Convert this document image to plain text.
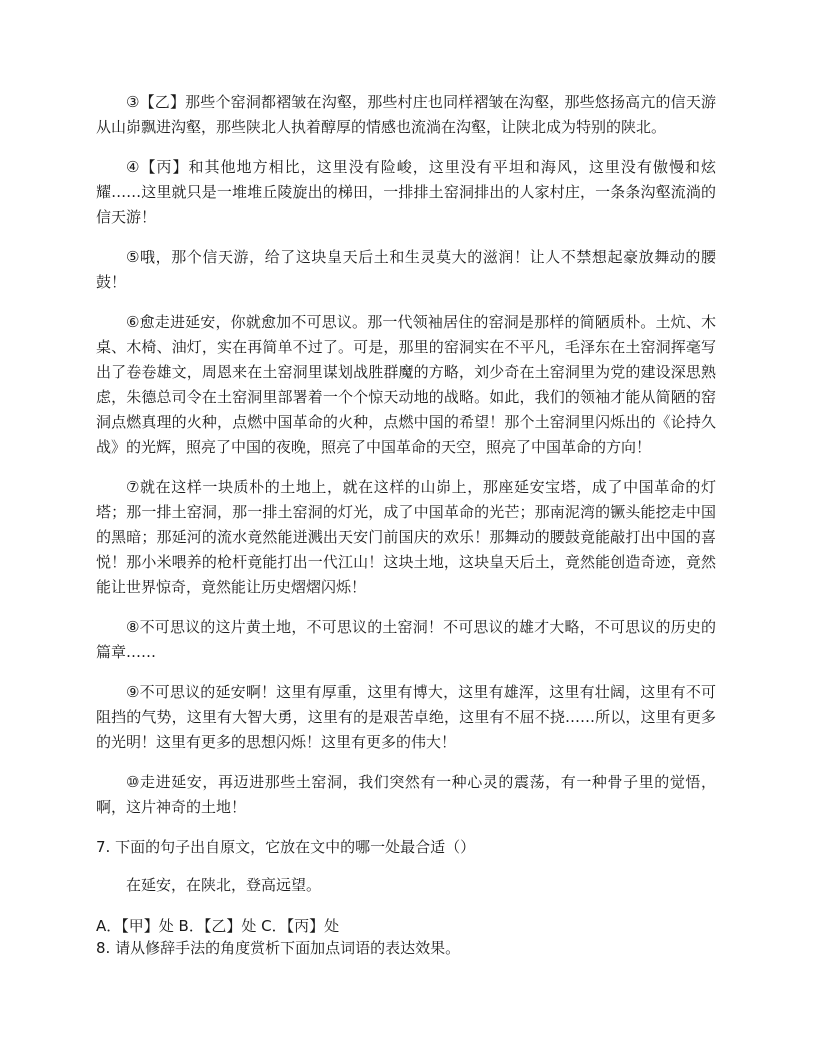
③【乙】那些个窑洞都褶皱在沟壑，那些村庄也同样褶皱在沟壑，那些悠扬高亢的信天游从山峁飘进沟壑，那些陕北人执着醇厚的情感也流淌在沟壑，让陕北成为特别的陕北。

④【丙】和其他地方相比，这里没有险峻，这里没有平坦和海风，这里没有傲慢和炫耀……这里就只是一堆堆丘陵旋出的梯田，一排排土窑洞排出的人家村庄，一条条沟壑流淌的信天游！

⑤哦，那个信天游，给了这块皇天后土和生灵莫大的滋润！让人不禁想起豪放舞动的腰鼓！

⑥愈走进延安，你就愈加不可思议。那一代领袖居住的窑洞是那样的简陋质朴。土炕、木桌、木椅、油灯，实在再简单不过了。可是，那里的窑洞实在不平凡，毛泽东在土窑洞挥毫写出了卷卷雄文，周恩来在土窑洞里谋划战胜群魔的方略，刘少奇在土窑洞里为党的建设深思熟虑，朱德总司令在土窑洞里部署着一个个惊天动地的战略。如此，我们的领袖才能从简陋的窑洞点燃真理的火种，点燃中国革命的火种，点燃中国的希望！那个土窑洞里闪烁出的《论持久战》的光辉，照亮了中国的夜晚，照亮了中国革命的天空，照亮了中国革命的方向！

⑦就在这样一块质朴的土地上，就在这样的山峁上，那座延安宝塔，成了中国革命的灯塔；那一排土窑洞，那一排土窑洞的灯光，成了中国革命的光芒；那南泥湾的镢头能挖走中国的黑暗；那延河的流水竟然能迸溅出天安门前国庆的欢乐！那舞动的腰鼓竟能敲打出中国的喜悦！那小米喂养的枪杆竟能打出一代江山！这块土地，这块皇天后土，竟然能创造奇迹，竟然能让世界惊奇，竟然能让历史熠熠闪烁！

⑧不可思议的这片黄土地，不可思议的土窑洞！不可思议的雄才大略，不可思议的历史的篇章……

⑨不可思议的延安啊！这里有厚重，这里有博大，这里有雄浑，这里有壮阔，这里有不可阻挡的气势，这里有大智大勇，这里有的是艰苦卓绝，这里有不屈不挠……所以，这里有更多的光明！这里有更多的思想闪烁！这里有更多的伟大！

⑩走进延安，再迈进那些土窑洞，我们突然有一种心灵的震荡，有一种骨子里的觉悟，啊，这片神奇的土地！

7. 下面的句子出自原文，它放在文中的哪一处最合适（）

在延安，在陕北，登高远望。

A．【甲】处 B．【乙】处 C．【丙】处

8. 请从修辞手法的角度赏析下面加点词语的表达效果。
